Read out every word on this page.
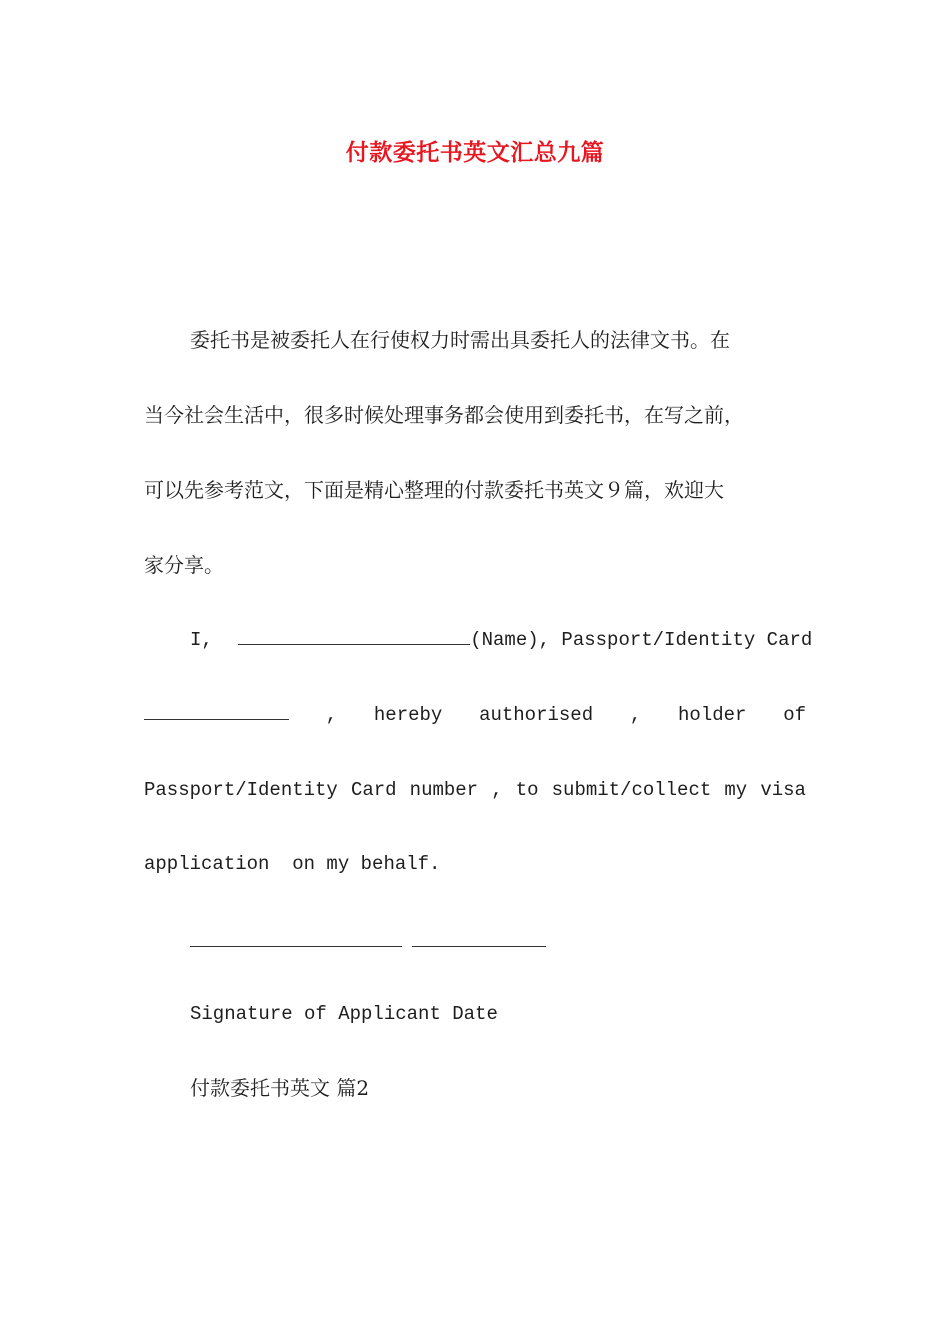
付款委托书英文汇总九篇
委托书是被委托人在行使权力时需出具委托人的法律文书。在
当今社会生活中，很多时候处理事务都会使用到委托书，在写之前，
可以先参考范文，下面是精心整理的付款委托书英文９篇，欢迎大
家分享。
I,	(Name), Passport/Identity Card
, hereby authorised , holder of
Passport/Identity Card number , to submit/collect my visa
application  on my behalf.
Signature of Applicant Date
付款委托书英文 篇2
